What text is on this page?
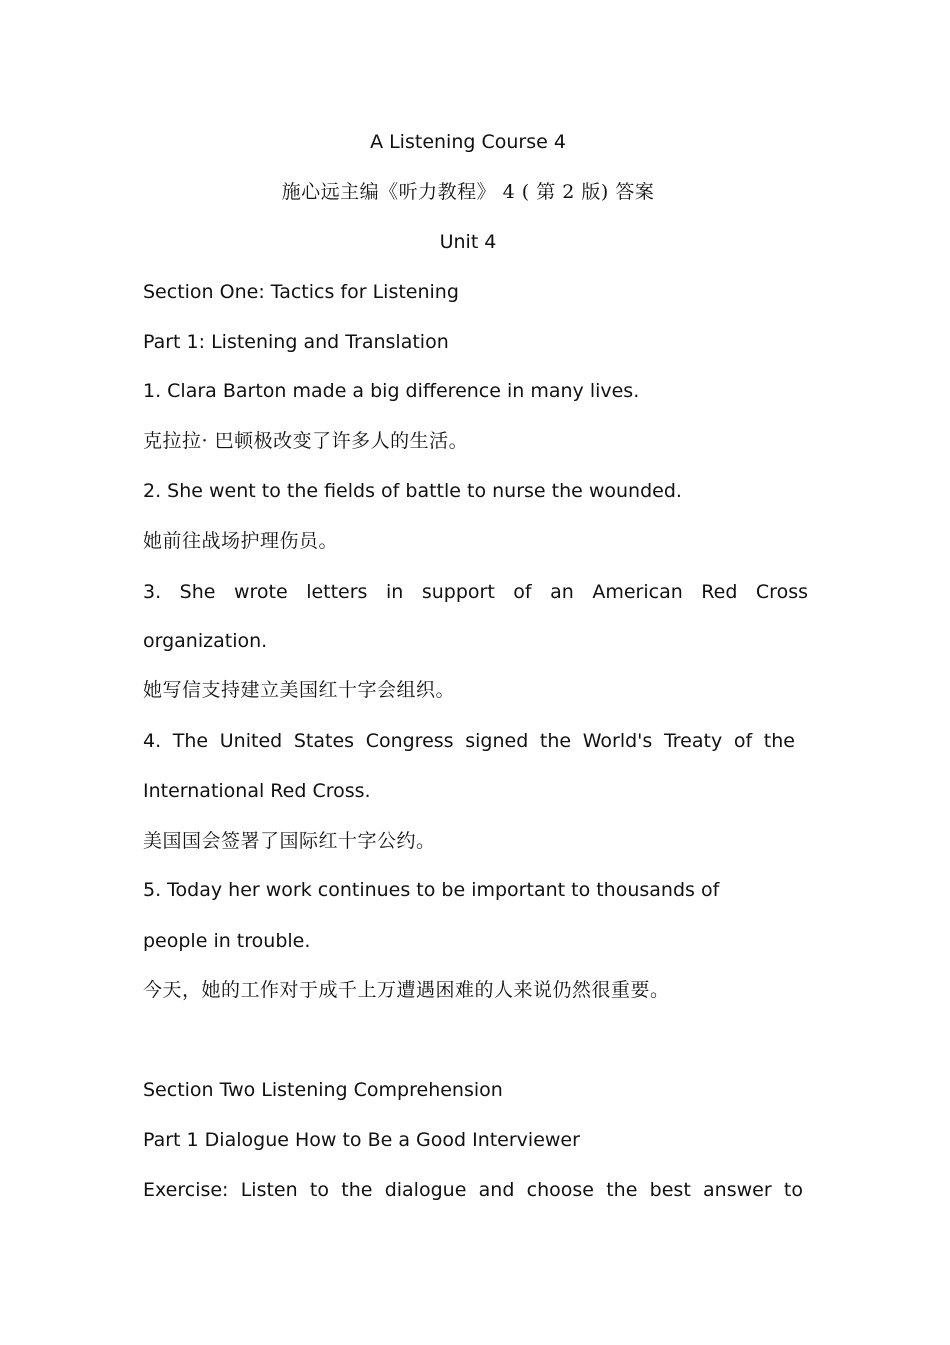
A Listening Course 4
施心远主编《听力教程》 4 ( 第 2 版) 答案
Unit 4
Section One: Tactics for Listening
Part 1: Listening and Translation
1. Clara Barton made a big difference in many lives.
克拉拉· 巴顿极改变了许多人的生活。
2. She went to the fields of battle to nurse the wounded.
她前往战场护理伤员。
3. She wrote letters in support of an American Red Cross
organization.
她写信支持建立美国红十字会组织。
4. The United States Congress signed the World's Treaty of the
International Red Cross.
美国国会签署了国际红十字公约。
5. Today her work continues to be important to thousands of
people in trouble.
今天，她的工作对于成千上万遭遇困难的人来说仍然很重要。
Section Two Listening Comprehension
Part 1 Dialogue How to Be a Good Interviewer
Exercise: Listen to the dialogue and choose the best answer to
